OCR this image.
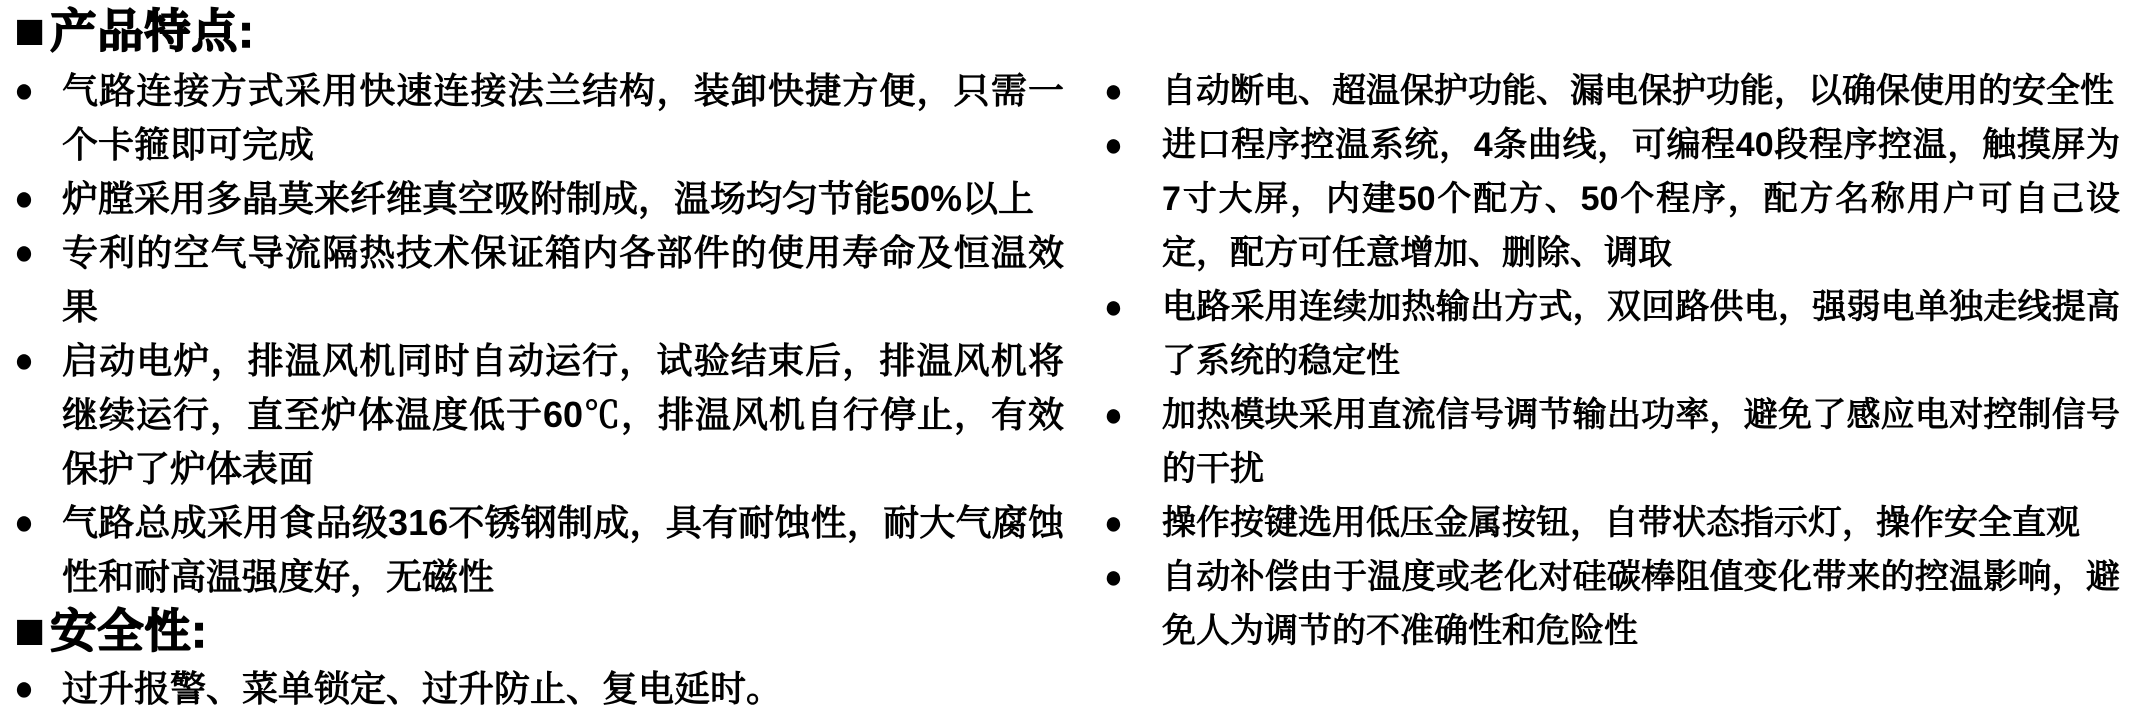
■ 产品特点:
● 气路连接方式采用快速连接法兰结构，装卸快捷方便，只需一个卡箍即可完成
● 炉膛采用多晶莫来纤维真空吸附制成，温场均匀节能50%以上
● 专利的空气导流隔热技术保证箱内各部件的使用寿命及恒温效果
● 启动电炉，排温风机同时自动运行，试验结束后，排温风机将继续运行，直至炉体温度低于60℃，排温风机自行停止，有效保护了炉体表面
● 气路总成采用食品级316不锈钢制成，具有耐蚀性，耐大气腐蚀性和耐高温强度好，无磁性
■ 安全性:
● 过升报警、菜单锁定、过升防止、复电延时。
●	自动断电、超温保护功能、漏电保护功能，以确保使用的安全性
●	进口程序控温系统，4条曲线，可编程40段程序控温，触摸屏为7寸大屏，内建50个配方、50个程序，配方名称用户可自己设定，配方可任意增加、删除、调取
●	电路采用连续加热输出方式，双回路供电，强弱电单独走线提高了系统的稳定性
●	加热模块采用直流信号调节输出功率，避免了感应电对控制信号的干扰
●	操作按键选用低压金属按钮，自带状态指示灯，操作安全直观
●	自动补偿由于温度或老化对硅碳棒阻值变化带来的控温影响，避免人为调节的不准确性和危险性
